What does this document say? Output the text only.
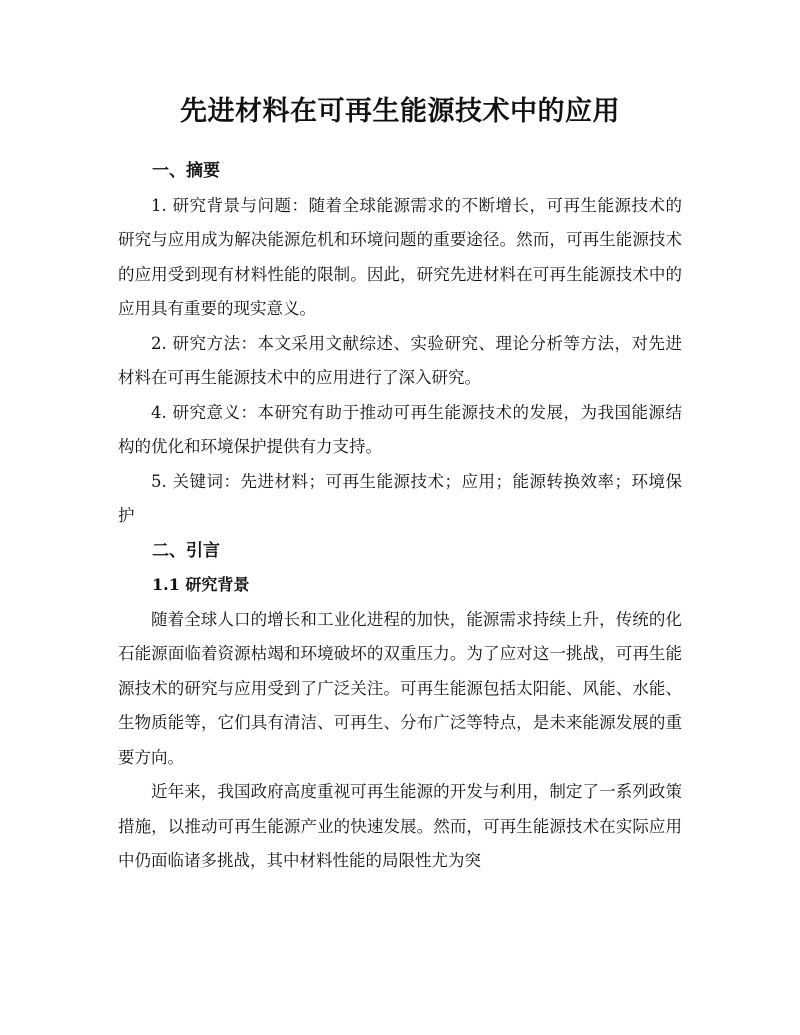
先进材料在可再生能源技术中的应用
一、摘要

1. 研究背景与问题：随着全球能源需求的不断增长，可再生能源技术的研究与应用成为解决能源危机和环境问题的重要途径。然而，可再生能源技术的应用受到现有材料性能的限制。因此，研究先进材料在可再生能源技术中的应用具有重要的现实意义。

2. 研究方法：本文采用文献综述、实验研究、理论分析等方法，对先进材料在可再生能源技术中的应用进行了深入研究。

4. 研究意义：本研究有助于推动可再生能源技术的发展，为我国能源结构的优化和环境保护提供有力支持。

5. 关键词：先进材料；可再生能源技术；应用；能源转换效率；环境保护

二、引言
1.1 研究背景

随着全球人口的增长和工业化进程的加快，能源需求持续上升，传统的化石能源面临着资源枯竭和环境破坏的双重压力。为了应对这一挑战，可再生能源技术的研究与应用受到了广泛关注。可再生能源包括太阳能、风能、水能、生物质能等，它们具有清洁、可再生、分布广泛等特点，是未来能源发展的重要方向。

近年来，我国政府高度重视可再生能源的开发与利用，制定了一系列政策措施，以推动可再生能源产业的快速发展。然而，可再生能源技术在实际应用中仍面临诸多挑战，其中材料性能的局限性尤为突
